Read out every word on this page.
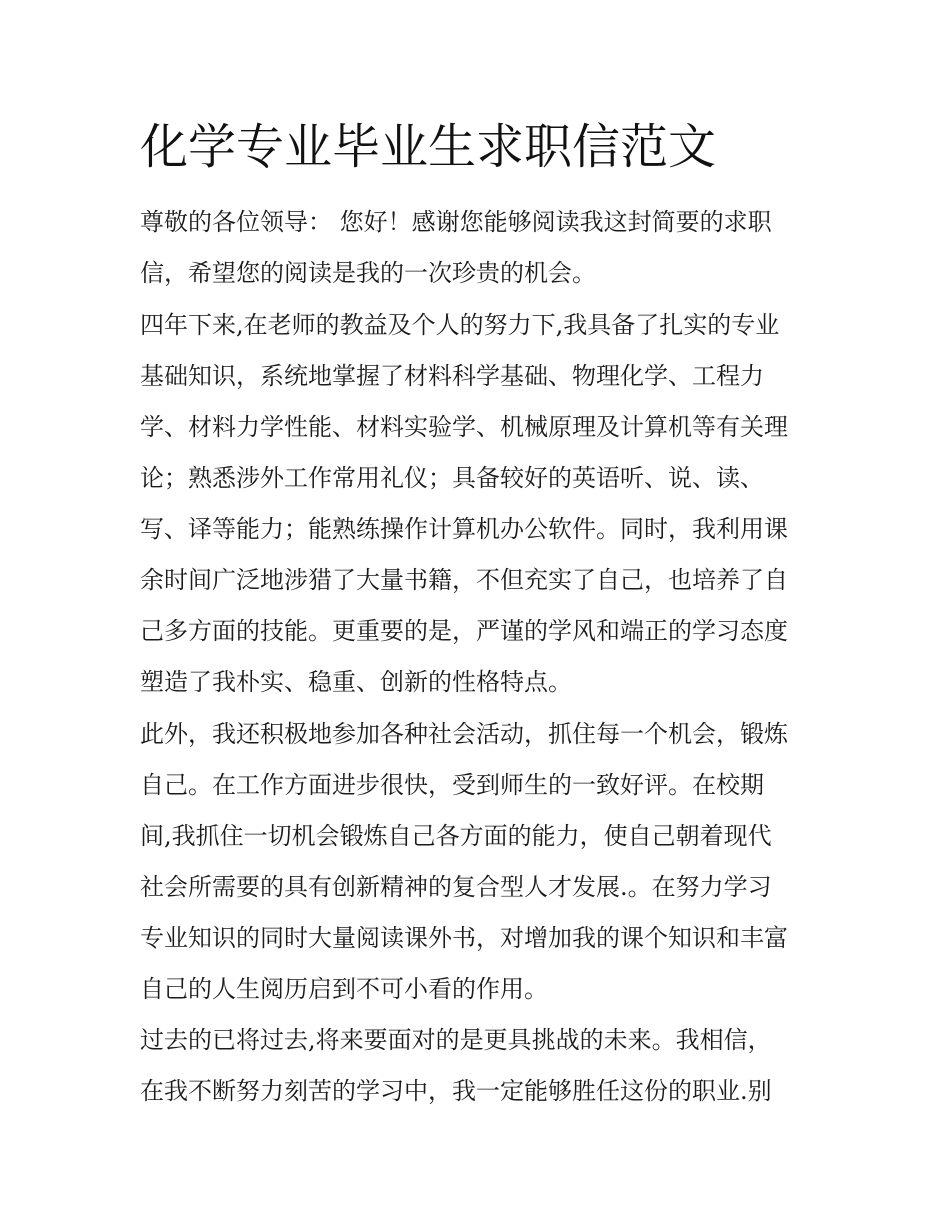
化学专业毕业生求职信范文

尊敬的各位领导： 您好！感谢您能够阅读我这封简要的求职

信，希望您的阅读是我的一次珍贵的机会。

四年下来,在老师的教益及个人的努力下,我具备了扎实的专业

基础知识，系统地掌握了材料科学基础、物理化学、工程力

学、材料力学性能、材料实验学、机械原理及计算机等有关理

论；熟悉涉外工作常用礼仪；具备较好的英语听、说、读、

写、译等能力；能熟练操作计算机办公软件。同时，我利用课

余时间广泛地涉猎了大量书籍，不但充实了自己，也培养了自

己多方面的技能。更重要的是，严谨的学风和端正的学习态度

塑造了我朴实、稳重、创新的性格特点。

此外，我还积极地参加各种社会活动，抓住每一个机会，锻炼

自己。在工作方面进步很快，受到师生的一致好评。在校期

间,我抓住一切机会锻炼自己各方面的能力，使自己朝着现代

社会所需要的具有创新精神的复合型人才发展.。在努力学习

专业知识的同时大量阅读课外书，对增加我的课个知识和丰富

自己的人生阅历启到不可小看的作用。

过去的已将过去,将来要面对的是更具挑战的未来。我相信，

在我不断努力刻苦的学习中，我一定能够胜任这份的职业.别
